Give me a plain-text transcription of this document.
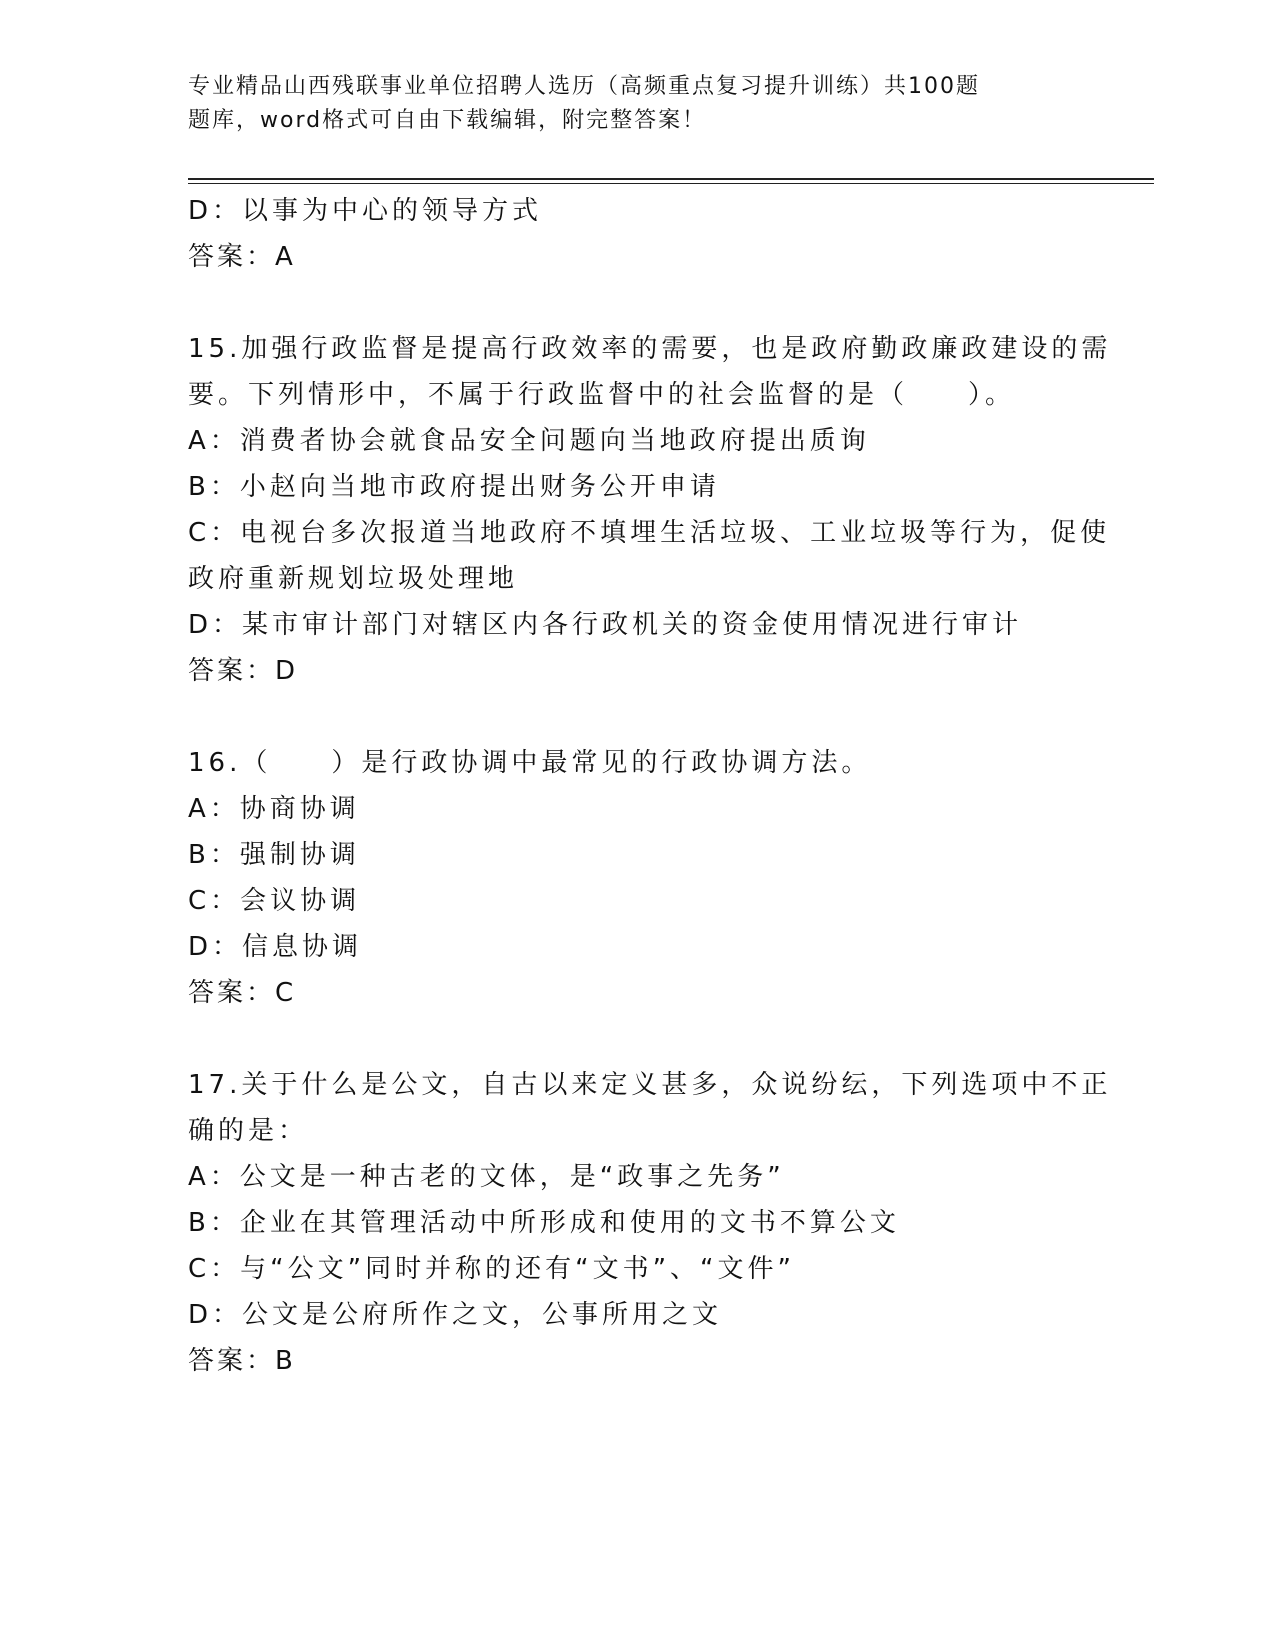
专业精品山西残联事业单位招聘人选历（高频重点复习提升训练）共100题
题库，word格式可自由下载编辑，附完整答案！
D：以事为中心的领导方式
答案：A
15.加强行政监督是提高行政效率的需要，也是政府勤政廉政建设的需
要。下列情形中，不属于行政监督中的社会监督的是（　　）。
A：消费者协会就食品安全问题向当地政府提出质询
B：小赵向当地市政府提出财务公开申请
C：电视台多次报道当地政府不填埋生活垃圾、工业垃圾等行为，促使
政府重新规划垃圾处理地
D：某市审计部门对辖区内各行政机关的资金使用情况进行审计
答案：D
16.（　　）是行政协调中最常见的行政协调方法。
A：协商协调
B：强制协调
C：会议协调
D：信息协调
答案：C
17.关于什么是公文，自古以来定义甚多，众说纷纭，下列选项中不正
确的是：
A：公文是一种古老的文体，是“政事之先务”
B：企业在其管理活动中所形成和使用的文书不算公文
C：与“公文”同时并称的还有“文书”、“文件”
D：公文是公府所作之文，公事所用之文
答案：B
